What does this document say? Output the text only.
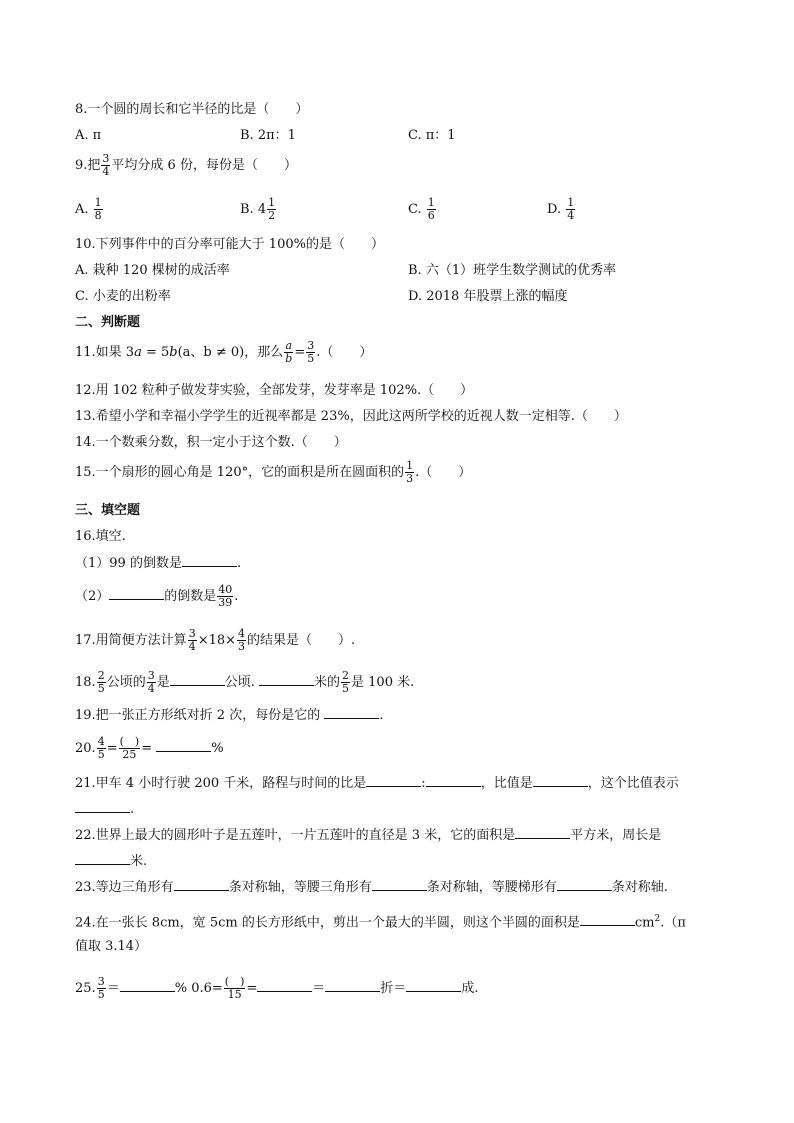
8.一个圆的周长和它半径的比是（　　）
A. π	B. 2π：1	C. π：1
9.把 $\frac{3}{4}$ 平均分成 6 份，每份是（　　）
A. $\frac{1}{8}$	B. $4 \frac{1}{2}$	C. $\frac{1}{6}$	D. $\frac{1}{4}$
10.下列事件中的百分率可能大于 100%的是（　　）
A. 栽种 120 棵树的成活率	B. 六（1）班学生数学测试的优秀率
C. 小麦的出粉率	D. 2018 年股票上涨的幅度
二、判断题
11.如果 3a = 5b(a、b ≠ 0)，那么 $\frac{a}{b} = \frac{3}{5}$ .（　　）
12.用 102 粒种子做发芽实验，全部发芽，发芽率是 102%.（　　）
13.希望小学和幸福小学学生的近视率都是 23%，因此这两所学校的近视人数一定相等.（　　）
14.一个数乘分数，积一定小于这个数.（　　）
15.一个扇形的圆心角是 120°，它的面积是所在圆面积的 $\frac{1}{3}$ .（　　）
三、填空题
16.填空.
（1）99 的倒数是	.
（2）	的倒数是 $\frac{40}{39}$ .
17.用简便方法计算 $\frac{3}{4} \times 18\times \frac{4}{3}$ 的结果是（　　）.
18. $\frac{2}{5}$ 公顷的 $\frac{3}{4}$ 是	公顷.	米的 $\frac{2}{5}$ 是 100 米.
19.把一张正方形纸对折 2 次，每份是它的	.
20. $\frac{4}{5} = \frac{( )}{25}$ =	%
21.甲车 4 小时行驶 200 千米，路程与时间的比是	:	，比值是	，这个比值表示
.
22.世界上最大的圆形叶子是五莲叶，一片五莲叶的直径是 3 米，它的面积是	平方米，周长是
米.
23.等边三角形有	条对称轴，等腰三角形有	条对称轴，等腰梯形有	条对称轴.
24.在一张长 8cm，宽 5cm 的长方形纸中，剪出一个最大的半圆，则这个半圆的面积是	$cm^2.(\pi$
值取 3.14）
25. $\frac{3}{5}$ ＝	% $0.6= \frac{( )}{15}$ =	＝	折＝	成.
